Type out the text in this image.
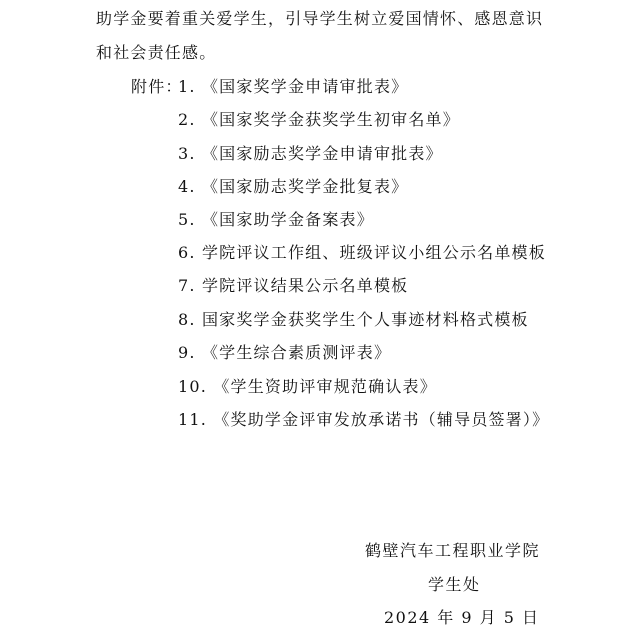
助学金要着重关爱学生，引导学生树立爱国情怀、感恩意识
和社会责任感。
附件：
1. 《国家奖学金申请审批表》
2. 《国家奖学金获奖学生初审名单》
3. 《国家励志奖学金申请审批表》
4. 《国家励志奖学金批复表》
5. 《国家助学金备案表》
6. 学院评议工作组、班级评议小组公示名单模板
7. 学院评议结果公示名单模板
8. 国家奖学金获奖学生个人事迹材料格式模板
9. 《学生综合素质测评表》
10. 《学生资助评审规范确认表》
11. 《奖助学金评审发放承诺书（辅导员签署）》
鹤壁汽车工程职业学院
学生处
2024 年 9 月 5 日
